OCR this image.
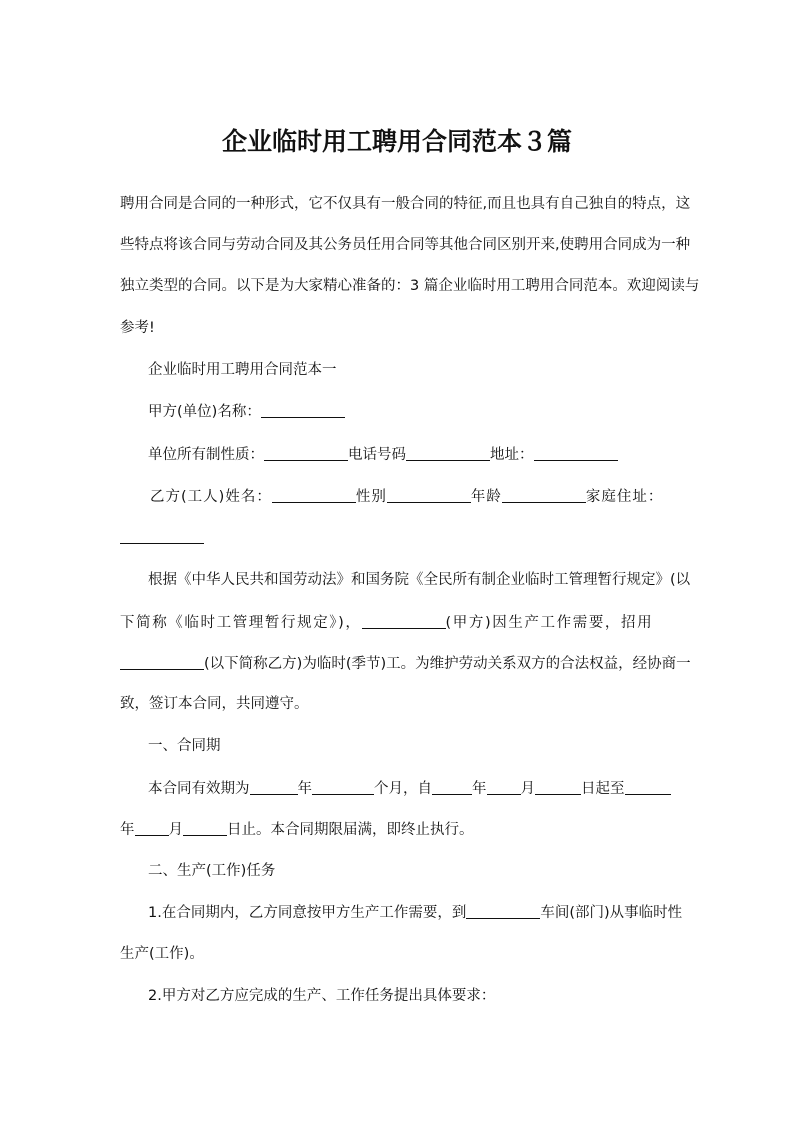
企业临时用工聘用合同范本３篇
聘用合同是合同的一种形式，它不仅具有一般合同的特征,而且也具有自己独自的特点，这
些特点将该合同与劳动合同及其公务员任用合同等其他合同区别开来,使聘用合同成为一种
独立类型的合同。以下是为大家精心准备的：3 篇企业临时用工聘用合同范本。欢迎阅读与
参考!
企业临时用工聘用合同范本一
甲方(单位)名称：
单位所有制性质：	电话号码	地址：
乙方(工人)姓名：	性别	年龄	家庭住址：
根据《中华人民共和国劳动法》和国务院《全民所有制企业临时工管理暂行规定》(以
下简称《临时工管理暂行规定》)，	(甲方)因生产工作需要，招用
(以下简称乙方)为临时(季节)工。为维护劳动关系双方的合法权益，经协商一
致，签订本合同，共同遵守。
一、合同期
本合同有效期为	年	个月，自	年 月	日起至
年 月	日止。本合同期限届满，即终止执行。
二、生产(工作)任务
1.在合同期内，乙方同意按甲方生产工作需要，到	车间(部门)从事临时性
生产(工作)。
2.甲方对乙方应完成的生产、工作任务提出具体要求：
